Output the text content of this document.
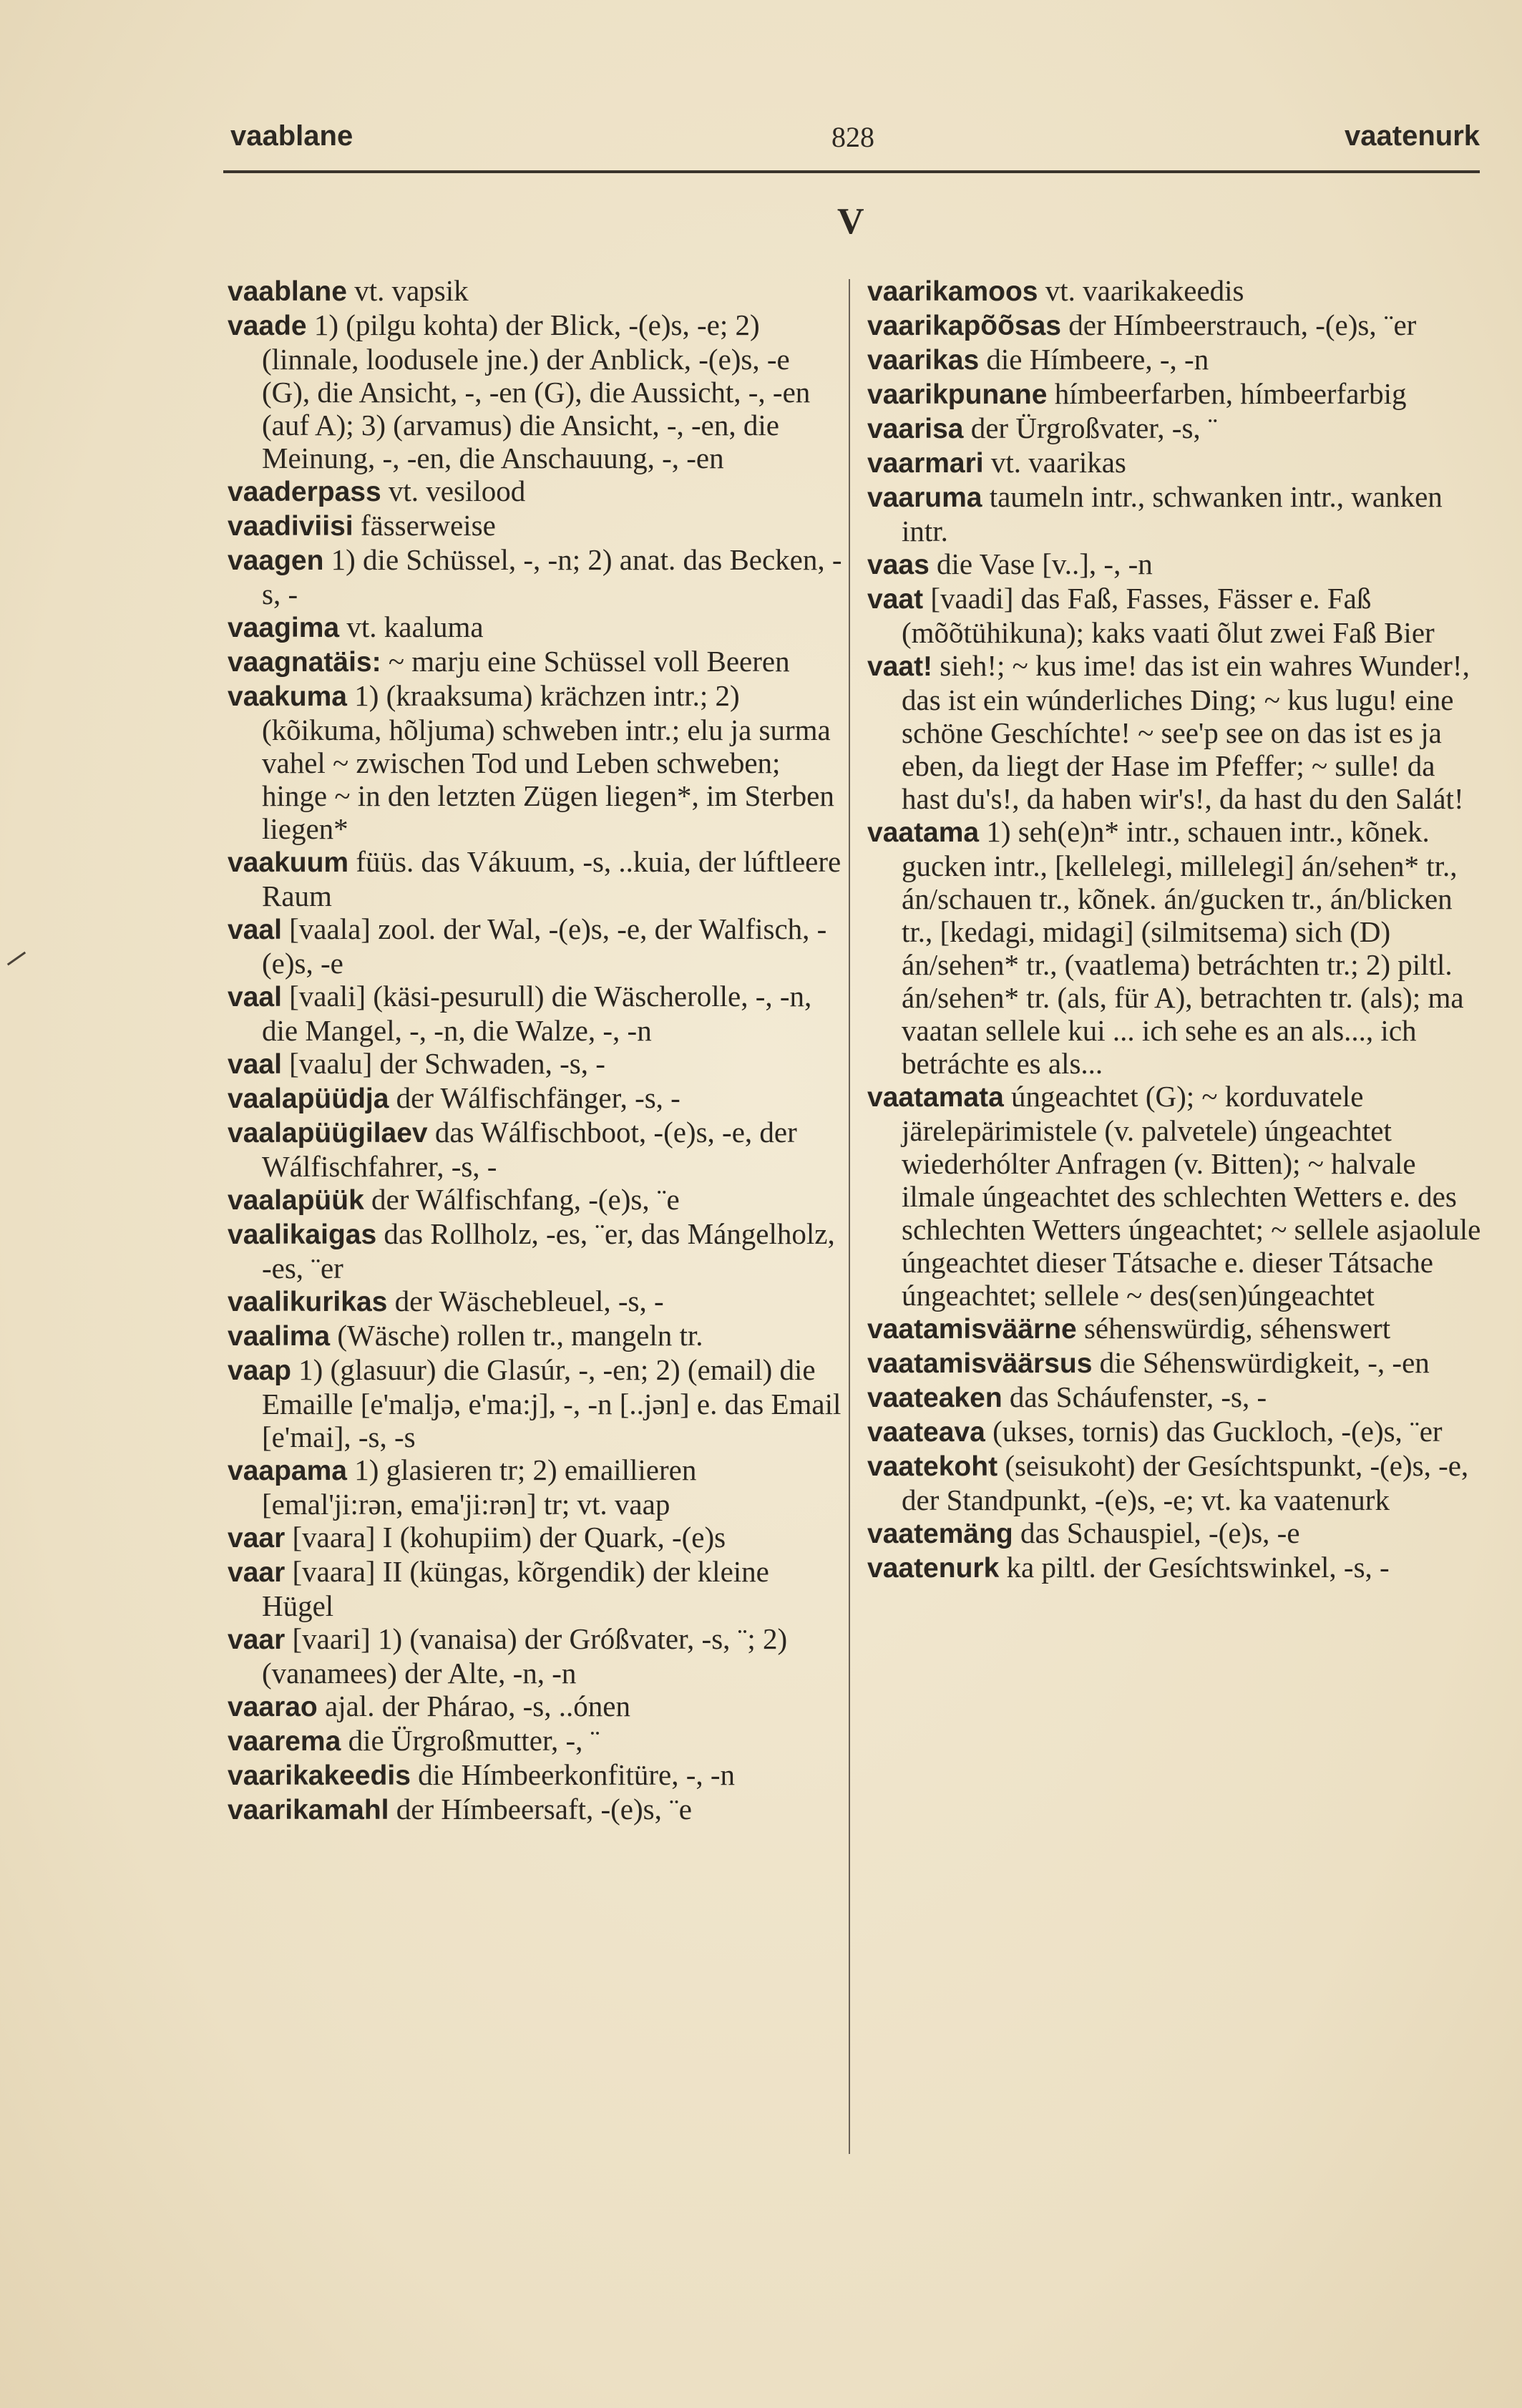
vaablane	828	vaatenurk
V
vaablane vt. vapsik
vaade 1) (pilgu kohta) der Blick, -(e)s, -e; 2) (linnale, loodusele jne.) der Anblick, -(e)s, -e (G), die Ansicht, -, -en (G), die Aussicht, -, -en (auf A); 3) (arvamus) die Ansicht, -, -en, die Meinung, -, -en, die Anschauung, -, -en
vaaderpass vt. vesilood
vaadiviisi fässerweise
vaagen 1) die Schüssel, -, -n; 2) anat. das Becken, -s, -
vaagima vt. kaaluma
vaagnatäis: ~ marju eine Schüssel voll Beeren
vaakuma 1) (kraaksuma) krächzen intr.; 2) (kõikuma, hõljuma) schweben intr.; elu ja surma vahel ~ zwischen Tod und Leben schweben; hinge ~ in den letzten Zügen liegen*, im Sterben liegen*
vaakuum füüs. das Vákuum, -s, ..kuia, der lúftleere Raum
vaal [vaala] zool. der Wal, -(e)s, -e, der Walfisch, -(e)s, -e
vaal [vaali] (käsi-pesurull) die Wäscherolle, -, -n, die Mangel, -, -n, die Walze, -, -n
vaal [vaalu] der Schwaden, -s, -
vaalapüüdja der Wálfischfänger, -s, -
vaalapüügilaev das Wálfischboot, -(e)s, -e, der Wálfischfahrer, -s, -
vaalapüük der Wálfischfang, -(e)s, ¨e
vaalikaigas das Rollholz, -es, ¨er, das Mángelholz, -es, ¨er
vaalikurikas der Wäschebleuel, -s, -
vaalima (Wäsche) rollen tr., mangeln tr.
vaap 1) (glasuur) die Glasúr, -, -en; 2) (email) die Emaille [e'maljə, e'ma:j], -, -n [..jən] e. das Email [e'mai], -s, -s
vaapama 1) glasieren tr; 2) emaillieren [emal'ji:rən, ema'ji:rən] tr; vt. vaap
vaar [vaara] I (kohupiim) der Quark, -(e)s
vaar [vaara] II (küngas, kõrgendik) der kleine Hügel
vaar [vaari] 1) (vanaisa) der Gróßvater, -s, ¨; 2) (vanamees) der Alte, -n, -n
vaarao ajal. der Phárao, -s, ..ónen
vaarema die Ürgroßmutter, -, ¨
vaarikakeedis die Hímbeerkonfitüre, -, -n
vaarikamahl der Hímbeersaft, -(e)s, ¨e
vaarikamoos vt. vaarikakeedis
vaarikapõõsas der Hímbeerstrauch, -(e)s, ¨er
vaarikas die Hímbeere, -, -n
vaarikpunane hímbeerfarben, hímbeerfarbig
vaarisa der Ürgroßvater, -s, ¨
vaarmari vt. vaarikas
vaaruma taumeln intr., schwanken intr., wanken intr.
vaas die Vase [v..], -, -n
vaat [vaadi] das Faß, Fasses, Fässer e. Faß (mõõtühikuna); kaks vaati õlut zwei Faß Bier
vaat! sieh!; ~ kus ime! das ist ein wahres Wunder!, das ist ein wúnderliches Ding; ~ kus lugu! eine schöne Geschíchte! ~ see'p see on das ist es ja eben, da liegt der Hase im Pfeffer; ~ sulle! da hast du's!, da haben wir's!, da hast du den Salát!
vaatama 1) seh(e)n* intr., schauen intr., kõnek. gucken intr., [kellelegi, millelegi] án/sehen* tr., án/schauen tr., kõnek. án/gucken tr., án/blicken tr., [kedagi, midagi] (silmitsema) sich (D) án/sehen* tr., (vaatlema) betráchten tr.; 2) piltl. án/sehen* tr. (als, für A), betrachten tr. (als); ma vaatan sellele kui ... ich sehe es an als..., ich betráchte es als...
vaatamata úngeachtet (G); ~ korduvatele järelepärimistele (v. palvetele) úngeachtet wiederhólter Anfragen (v. Bitten); ~ halvale ilmale úngeachtet des schlechten Wetters e. des schlechten Wetters úngeachtet; ~ sellele asjaolule úngeachtet dieser Tátsache e. dieser Tátsache úngeachtet; sellele ~ des(sen)úngeachtet
vaatamisväärne séhenswürdig, séhenswert
vaatamisväärsus die Séhenswürdigkeit, -, -en
vaateaken das Scháufenster, -s, -
vaateava (ukses, tornis) das Guckloch, -(e)s, ¨er
vaatekoht (seisukoht) der Gesíchtspunkt, -(e)s, -e, der Standpunkt, -(e)s, -e; vt. ka vaatenurk
vaatemäng das Schauspiel, -(e)s, -e
vaatenurk ka piltl. der Gesíchtswinkel, -s, -
